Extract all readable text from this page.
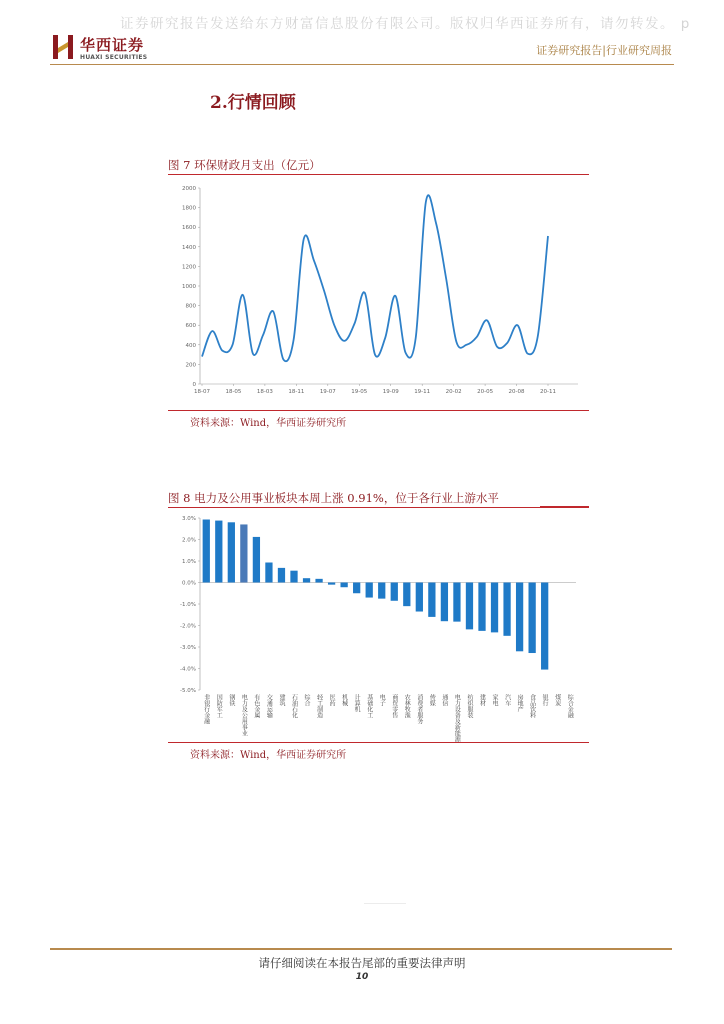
证券研究报告发送给东方财富信息股份有限公司。版权归华西证券所有，请勿转发。 p
华西证券
HUAXI SECURITIES
证券研究报告|行业研究周报
2.行情回顾
图 7 环保财政月支出（亿元）
0
200
400
600
800
1000
1200
1400
1600
1800
2000
18-07	18-05	18-03	18-11	19-07	19-05	19-09	19-11	20-02	20-05	20-08	20-11
资料来源：Wind，华西证券研究所
图 8 电力及公用事业板块本周上涨 0.91%，位于各行业上游水平
3.0%
2.0%
1.0%
0.0%
-1.0%
-2.0%
-3.0%
-4.0%
-5.0%
非银行金融 国防军工 钢铁 电力及公用事业 有色金属 交通运输 建筑 石油石化 综合 轻工制造 医药 机械 计算机 基础化工 电子 商贸零售 农林牧渔 消费者服务 传媒 通信 电力设备及新能源 纺织服装 建材 家电 汽车 房地产 食品饮料 银行 煤炭 综合金融
资料来源：Wind，华西证券研究所
请仔细阅读在本报告尾部的重要法律声明
10
